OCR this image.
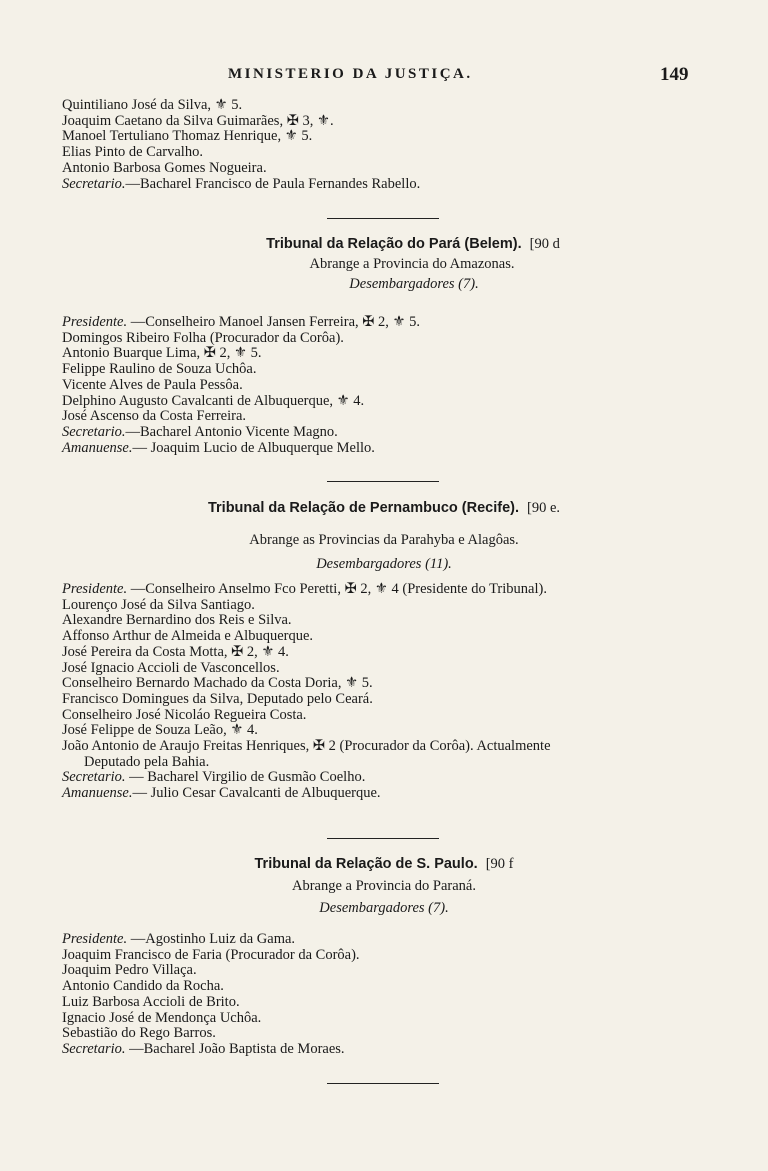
MINISTERIO DA JUSTIÇA.	149
Quintiliano José da Silva, ⚜ 5.
Joaquim Caetano da Silva Guimarães, ✠ 3, ⚜.
Manoel Tertuliano Thomaz Henrique, ⚜ 5.
Elias Pinto de Carvalho.
Antonio Barbosa Gomes Nogueira.
Secretario.—Bacharel Francisco de Paula Fernandes Rabello.
Tribunal da Relação do Pará (Belem). [90 d
Abrange a Provincia do Amazonas.
Desembargadores (7).
Presidente. —Conselheiro Manoel Jansen Ferreira, ✠ 2, ⚜ 5.
Domingos Ribeiro Folha (Procurador da Corôa).
Antonio Buarque Lima, ✠ 2, ⚜ 5.
Felippe Raulino de Souza Uchôa.
Vicente Alves de Paula Pessôa.
Delphino Augusto Cavalcanti de Albuquerque, ⚜ 4.
José Ascenso da Costa Ferreira.
Secretario.—Bacharel Antonio Vicente Magno.
Amanuense.— Joaquim Lucio de Albuquerque Mello.
Tribunal da Relação de Pernambuco (Recife). [90 e.
Abrange as Provincias da Parahyba e Alagôas.
Desembargadores (11).
Presidente. —Conselheiro Anselmo Fco Peretti, ✠ 2, ⚜ 4 (Presidente do Tribunal).
Lourenço José da Silva Santiago.
Alexandre Bernardino dos Reis e Silva.
Affonso Arthur de Almeida e Albuquerque.
José Pereira da Costa Motta, ✠ 2, ⚜ 4.
José Ignacio Accioli de Vasconcellos.
Conselheiro Bernardo Machado da Costa Doria, ⚜ 5.
Francisco Domingues da Silva, Deputado pelo Ceará.
Conselheiro José Nicoláo Regueira Costa.
José Felippe de Souza Leão, ⚜ 4.
João Antonio de Araujo Freitas Henriques, ✠ 2 (Procurador da Corôa). Actualmente
Deputado pela Bahia.
Secretario. — Bacharel Virgilio de Gusmão Coelho.
Amanuense.— Julio Cesar Cavalcanti de Albuquerque.
Tribunal da Relação de S. Paulo. [90 f
Abrange a Provincia do Paraná.
Desembargadores (7).
Presidente. —Agostinho Luiz da Gama.
Joaquim Francisco de Faria (Procurador da Corôa).
Joaquim Pedro Villaça.
Antonio Candido da Rocha.
Luiz Barbosa Accioli de Brito.
Ignacio José de Mendonça Uchôa.
Sebastião do Rego Barros.
Secretario. —Bacharel João Baptista de Moraes.
